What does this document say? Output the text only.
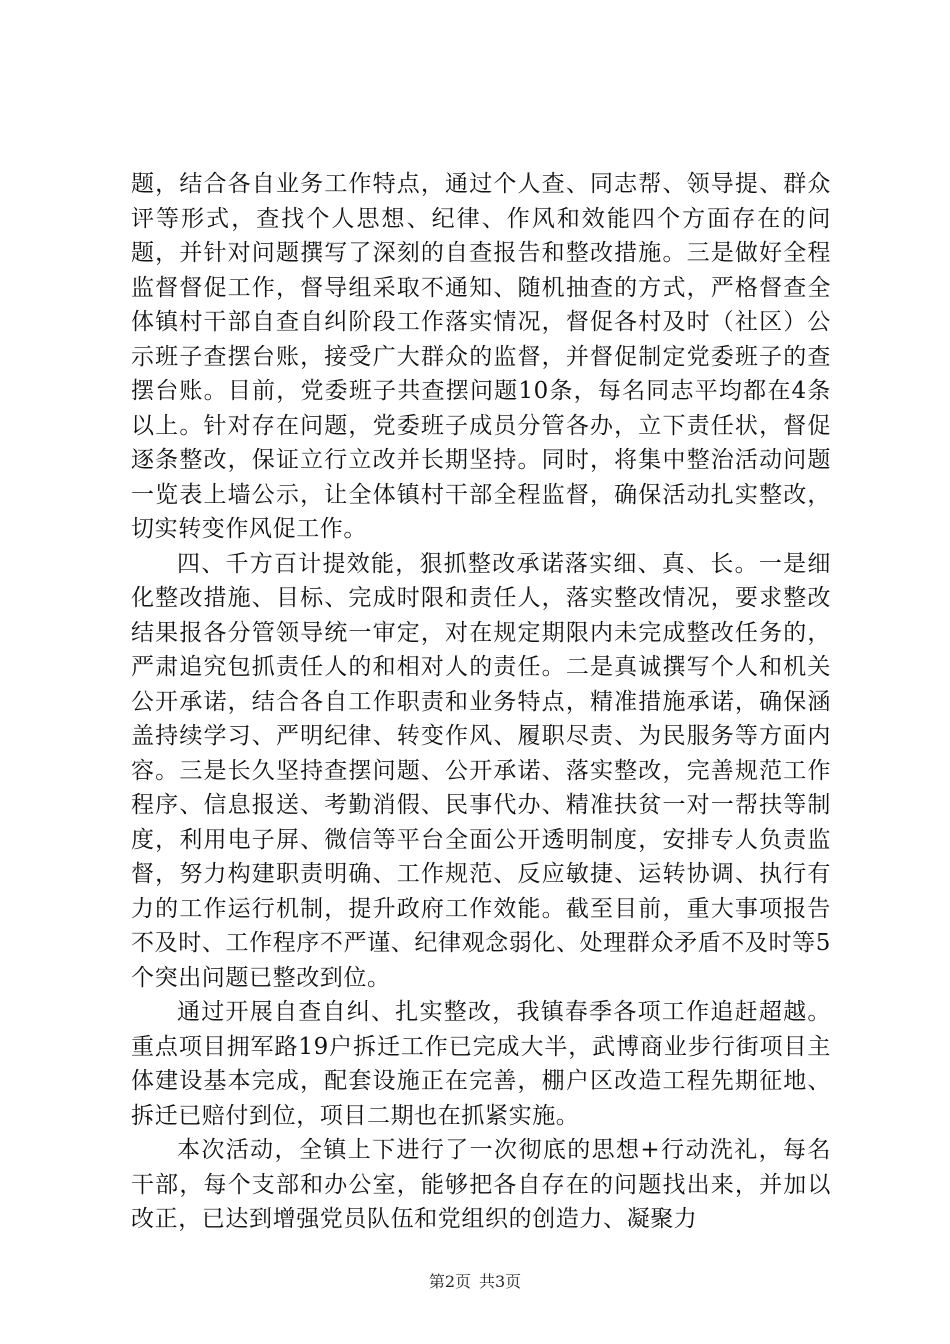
题，结合各自业务工作特点，通过个人查、同志帮、领导提、群众评等形式，查找个人思想、纪律、作风和效能四个方面存在的问题，并针对问题撰写了深刻的自查报告和整改措施。三是做好全程监督督促工作，督导组采取不通知、随机抽查的方式，严格督查全体镇村干部自查自纠阶段工作落实情况，督促各村及时（社区）公示班子查摆台账，接受广大群众的监督，并督促制定党委班子的查摆台账。目前，党委班子共查摆问题10条，每名同志平均都在4条以上。针对存在问题，党委班子成员分管各办，立下责任状，督促逐条整改，保证立行立改并长期坚持。同时，将集中整治活动问题一览表上墙公示，让全体镇村干部全程监督，确保活动扎实整改，切实转变作风促工作。

四、千方百计提效能，狠抓整改承诺落实细、真、长。一是细化整改措施、目标、完成时限和责任人，落实整改情况，要求整改结果报各分管领导统一审定，对在规定期限内未完成整改任务的，严肃追究包抓责任人的和相对人的责任。二是真诚撰写个人和机关公开承诺，结合各自工作职责和业务特点，精准措施承诺，确保涵盖持续学习、严明纪律、转变作风、履职尽责、为民服务等方面内容。三是长久坚持查摆问题、公开承诺、落实整改，完善规范工作程序、信息报送、考勤消假、民事代办、精准扶贫一对一帮扶等制度，利用电子屏、微信等平台全面公开透明制度，安排专人负责监督，努力构建职责明确、工作规范、反应敏捷、运转协调、执行有力的工作运行机制，提升政府工作效能。截至目前，重大事项报告不及时、工作程序不严谨、纪律观念弱化、处理群众矛盾不及时等5个突出问题已整改到位。

通过开展自查自纠、扎实整改，我镇春季各项工作追赶超越。重点项目拥军路19户拆迁工作已完成大半，武博商业步行街项目主体建设基本完成，配套设施正在完善，棚户区改造工程先期征地、拆迁已赔付到位，项目二期也在抓紧实施。

本次活动，全镇上下进行了一次彻底的思想+行动洗礼，每名干部，每个支部和办公室，能够把各自存在的问题找出来，并加以改正，已达到增强党员队伍和党组织的创造力、凝聚力

第2页 共3页
